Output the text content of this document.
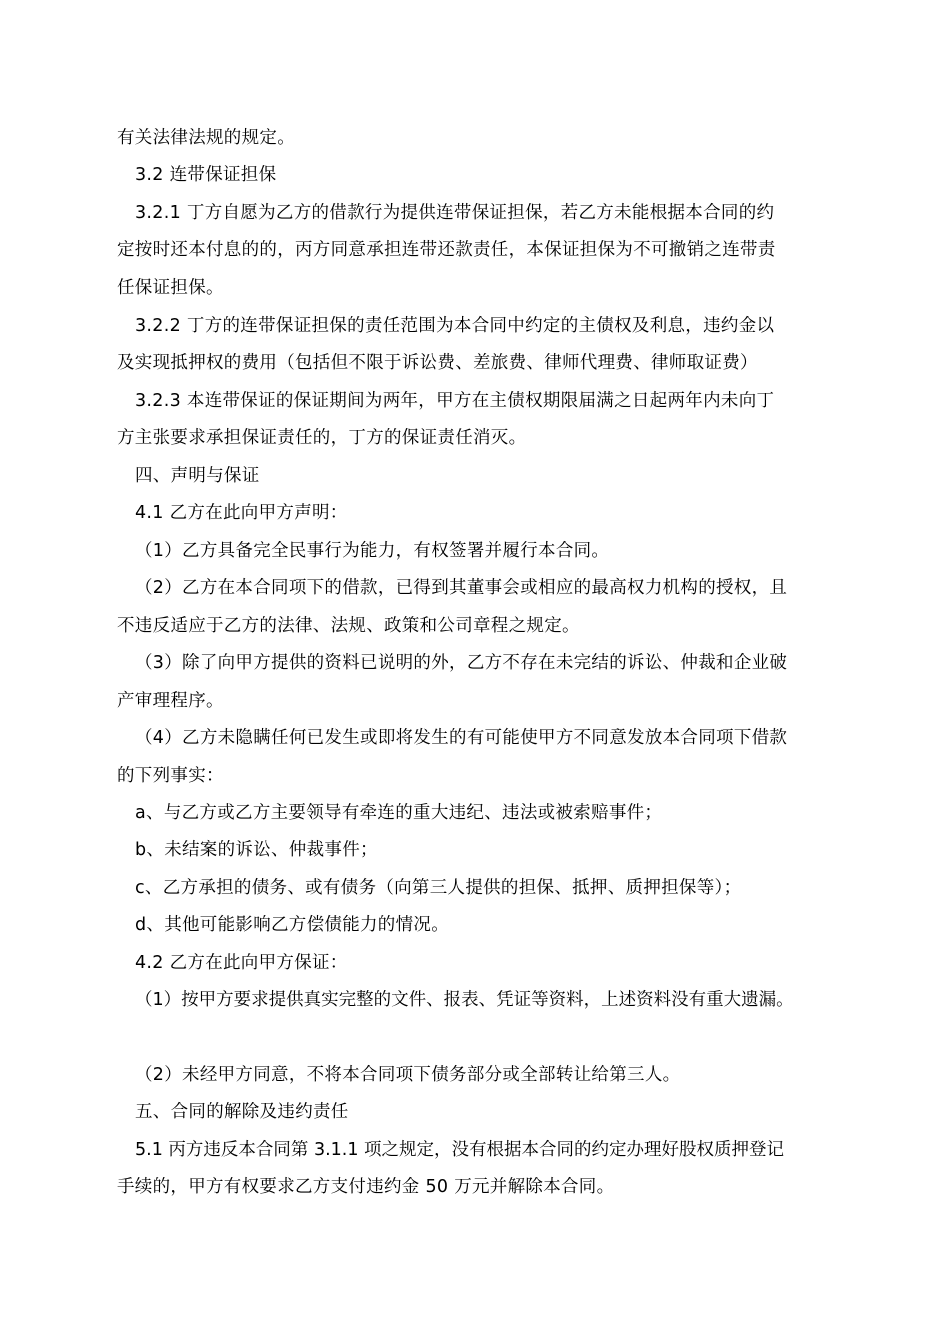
有关法律法规的规定。
3.2 连带保证担保
3.2.1 丁方自愿为乙方的借款行为提供连带保证担保，若乙方未能根据本合同的约
定按时还本付息的的，丙方同意承担连带还款责任，本保证担保为不可撤销之连带责
任保证担保。
3.2.2 丁方的连带保证担保的责任范围为本合同中约定的主债权及利息，违约金以
及实现抵押权的费用（包括但不限于诉讼费、差旅费、律师代理费、律师取证费）
3.2.3 本连带保证的保证期间为两年，甲方在主债权期限届满之日起两年内未向丁
方主张要求承担保证责任的，丁方的保证责任消灭。
四、声明与保证
4.1 乙方在此向甲方声明：
（1）乙方具备完全民事行为能力，有权签署并履行本合同。
（2）乙方在本合同项下的借款，已得到其董事会或相应的最高权力机构的授权，且
不违反适应于乙方的法律、法规、政策和公司章程之规定。
（3）除了向甲方提供的资料已说明的外，乙方不存在未完结的诉讼、仲裁和企业破
产审理程序。
（4）乙方未隐瞒任何已发生或即将发生的有可能使甲方不同意发放本合同项下借款
的下列事实：
a、与乙方或乙方主要领导有牵连的重大违纪、违法或被索赔事件；
b、未结案的诉讼、仲裁事件；
c、乙方承担的债务、或有债务（向第三人提供的担保、抵押、质押担保等）；
d、其他可能影响乙方偿债能力的情况。
4.2 乙方在此向甲方保证：
（1）按甲方要求提供真实完整的文件、报表、凭证等资料，上述资料没有重大遗漏。
（2）未经甲方同意，不将本合同项下债务部分或全部转让给第三人。
五、合同的解除及违约责任
5.1 丙方违反本合同第 3.1.1 项之规定，没有根据本合同的约定办理好股权质押登记
手续的，甲方有权要求乙方支付违约金 50 万元并解除本合同。
